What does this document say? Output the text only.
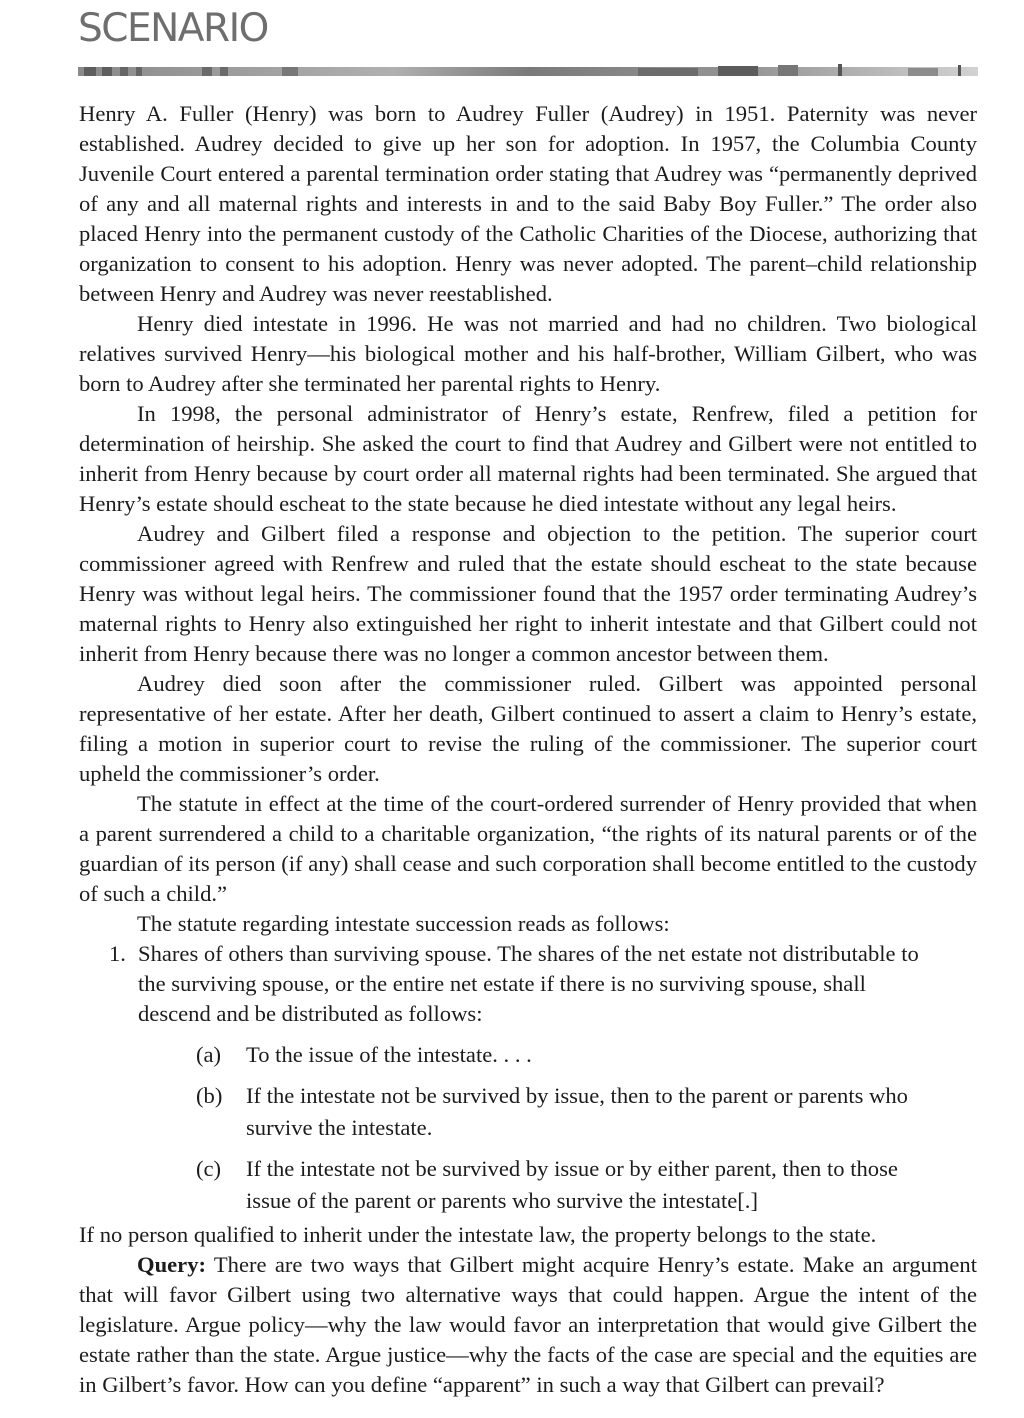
SCENARIO

Henry A. Fuller (Henry) was born to Audrey Fuller (Audrey) in 1951. Paternity was never established. Audrey decided to give up her son for adoption. In 1957, the Columbia County Juvenile Court entered a parental termination order stating that Audrey was “permanently deprived of any and all maternal rights and interests in and to the said Baby Boy Fuller.” The order also placed Henry into the permanent custody of the Catholic Charities of the Diocese, authorizing that organization to consent to his adoption. Henry was never adopted. The parent–child relationship between Henry and Audrey was never reestablished.

Henry died intestate in 1996. He was not married and had no children. Two biological relatives survived Henry—his biological mother and his half-brother, William Gilbert, who was born to Audrey after she terminated her parental rights to Henry.

In 1998, the personal administrator of Henry’s estate, Renfrew, filed a petition for determination of heirship. She asked the court to find that Audrey and Gilbert were not entitled to inherit from Henry because by court order all maternal rights had been terminated. She argued that Henry’s estate should escheat to the state because he died intestate without any legal heirs.

Audrey and Gilbert filed a response and objection to the petition. The superior court commissioner agreed with Renfrew and ruled that the estate should escheat to the state because Henry was without legal heirs. The commissioner found that the 1957 order terminating Audrey’s maternal rights to Henry also extinguished her right to inherit intestate and that Gilbert could not inherit from Henry because there was no longer a common ancestor between them.

Audrey died soon after the commissioner ruled. Gilbert was appointed personal representative of her estate. After her death, Gilbert continued to assert a claim to Henry’s estate, filing a motion in superior court to revise the ruling of the commissioner. The superior court upheld the commissioner’s order.

The statute in effect at the time of the court-ordered surrender of Henry provided that when a parent surrendered a child to a charitable organization, “the rights of its natural parents or of the guardian of its person (if any) shall cease and such corporation shall become entitled to the custody of such a child.”

The statute regarding intestate succession reads as follows:

1. Shares of others than surviving spouse. The shares of the net estate not distributable to the surviving spouse, or the entire net estate if there is no surviving spouse, shall descend and be distributed as follows:
(a) To the issue of the intestate. . . .
(b) If the intestate not be survived by issue, then to the parent or parents who survive the intestate.
(c) If the intestate not be survived by issue or by either parent, then to those issue of the parent or parents who survive the intestate[.]

If no person qualified to inherit under the intestate law, the property belongs to the state.

Query: There are two ways that Gilbert might acquire Henry’s estate. Make an argument that will favor Gilbert using two alternative ways that could happen. Argue the intent of the legislature. Argue policy—why the law would favor an interpretation that would give Gilbert the estate rather than the state. Argue justice—why the facts of the case are special and the equities are in Gilbert’s favor. How can you define “apparent” in such a way that Gilbert can prevail?
